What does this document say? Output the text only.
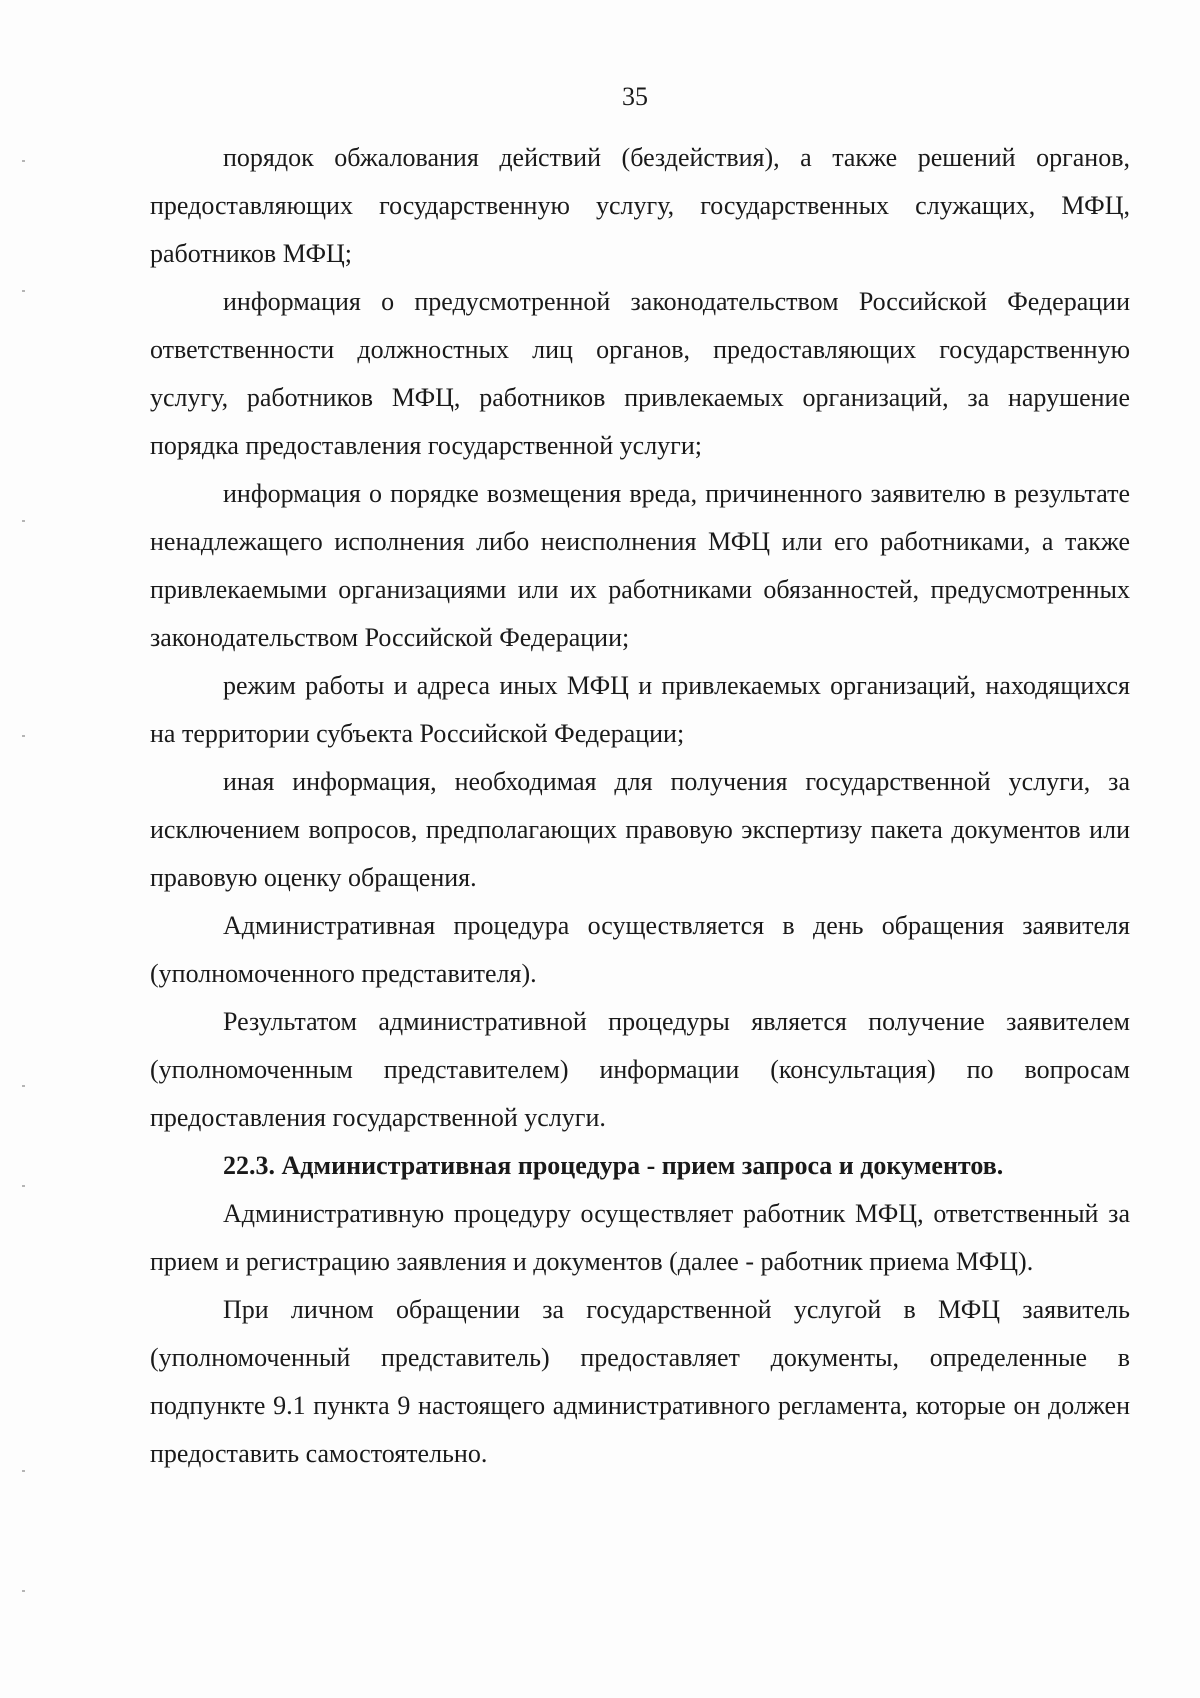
35

порядок обжалования действий (бездействия), а также решений органов, предоставляющих государственную услугу, государственных служащих, МФЦ, работников МФЦ;

информация о предусмотренной законодательством Российской Федерации ответственности должностных лиц органов, предоставляющих государственную услугу, работников МФЦ, работников привлекаемых организаций, за нарушение порядка предоставления государственной услуги;

информация о порядке возмещения вреда, причиненного заявителю в результате ненадлежащего исполнения либо неисполнения МФЦ или его работниками, а также привлекаемыми организациями или их работниками обязанностей, предусмотренных законодательством Российской Федерации;

режим работы и адреса иных МФЦ и привлекаемых организаций, находящихся на территории субъекта Российской Федерации;

иная информация, необходимая для получения государственной услуги, за исключением вопросов, предполагающих правовую экспертизу пакета документов или правовую оценку обращения.

Административная процедура осуществляется в день обращения заявителя (уполномоченного представителя).

Результатом административной процедуры является получение заявителем (уполномоченным представителем) информации (консультация) по вопросам предоставления государственной услуги.

22.3. Административная процедура - прием запроса и документов.

Административную процедуру осуществляет работник МФЦ, ответственный за прием и регистрацию заявления и документов (далее - работник приема МФЦ).

При личном обращении за государственной услугой в МФЦ заявитель (уполномоченный представитель) предоставляет документы, определенные в подпункте 9.1 пункта 9 настоящего административного регламента, которые он должен предоставить самостоятельно.
